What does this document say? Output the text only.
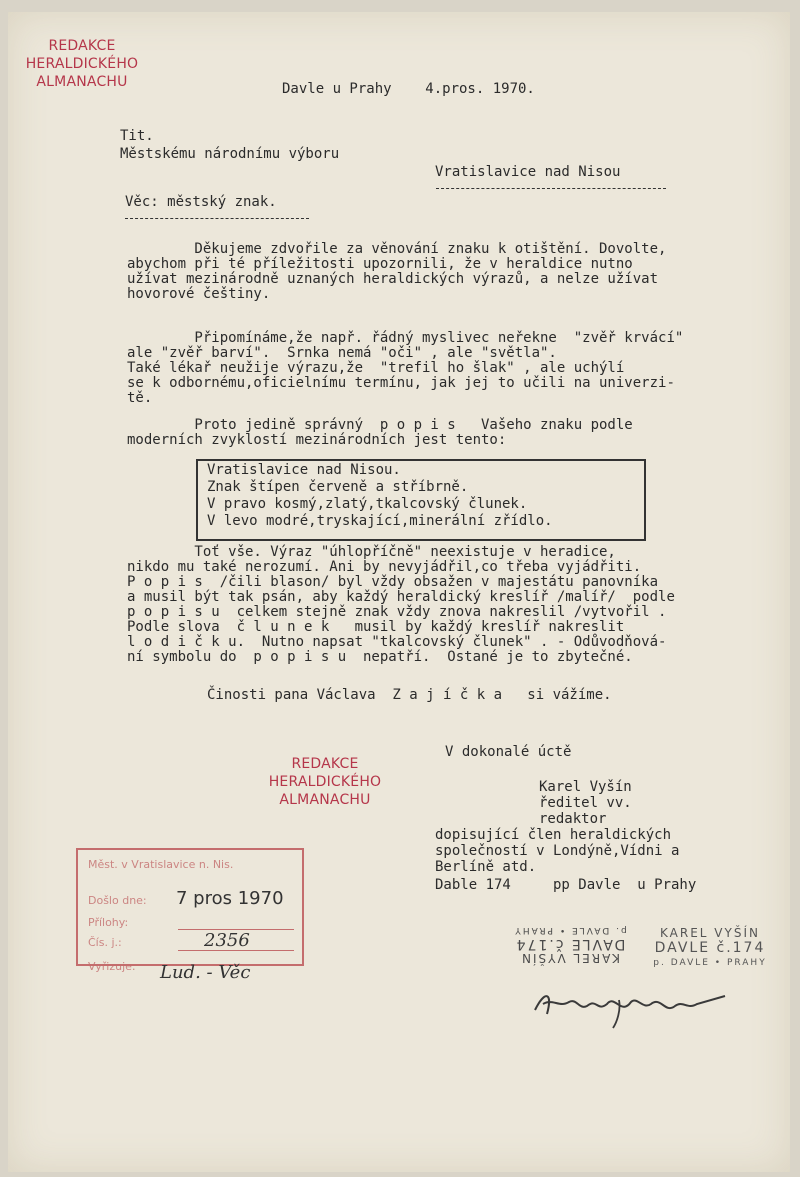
REDAKCE
HERALDICKÉHO
ALMANACHU	Davle u Prahy    4.pros. 1970.
Tit.
Městskému národnímu výboru
Vratislavice nad Nisou
Věc: městský znak.
Děkujeme zdvořile za věnování znaku k otištění. Dovolte,
abychom při té příležitosti upozornili, že v heraldice nutno
užívat mezinárodně uznaných heraldických výrazů, a nelze užívat
hovorové češtiny.
Připomínáme,že např. řádný myslivec neřekne  "zvěř krvácí"
ale "zvěř barví".  Srnka nemá "oči" , ale "světla".
Také lékař neužije výrazu,že  "trefil ho šlak" , ale uchýlí
se k odbornému,oficielnímu termínu, jak jej to učili na univerzi-
tě.
Proto jedině správný  p o p i s   Vašeho znaku podle
moderních zvyklostí mezinárodních jest tento:
Vratislavice nad Nisou.
Znak štípen červeně a stříbrně.
V pravo kosmý,zlatý,tkalcovský člunek.
V levo modré,tryskající,minerální zřídlo.
Toť vše. Výraz "úhlopříčně" neexistuje v heradice,
nikdo mu také nerozumí. Ani by nevyjádřil,co třeba vyjádřiti.
P o p i s  /čili blason/ byl vždy obsažen v majestátu panovníka
a musil být tak psán, aby každý heraldický kreslíř /malíř/  podle
p o p i s u  celkem stejně znak vždy znova nakreslil /vytvořil .
Podle slova  č l u n e k   musil by každý kreslíř nakreslit
l o d i č k u.  Nutno napsat "tkalcovský člunek" . - Odůvodňová-
ní symbolu do  p o p i s u  nepatří.  Ostané je to zbytečné.
Činosti pana Václava  Z a j í č k a   si vážíme.
REDAKCE
HERALDICKÉHO
ALMANACHU
V dokonalé úctě
Karel Vyšín
ředitel vv.
redaktor
dopisující člen heraldických
společností v Londýně,Vídni a
Berlíně atd.
Dable 174     pp Davle  u Prahy
Měst. v Vratislavice n. Nis.
Došlo dne: 7 pros 1970
Přílohy:
Čís. j.:	2356
Vyřizuje: Lud. - Věc
KAREL VYŠÍN
DAVLE č.174
p. DAVLE • PRAHY	KAREL VYŠÍN
DAVLE č.174
p. DAVLE • PRAHY
